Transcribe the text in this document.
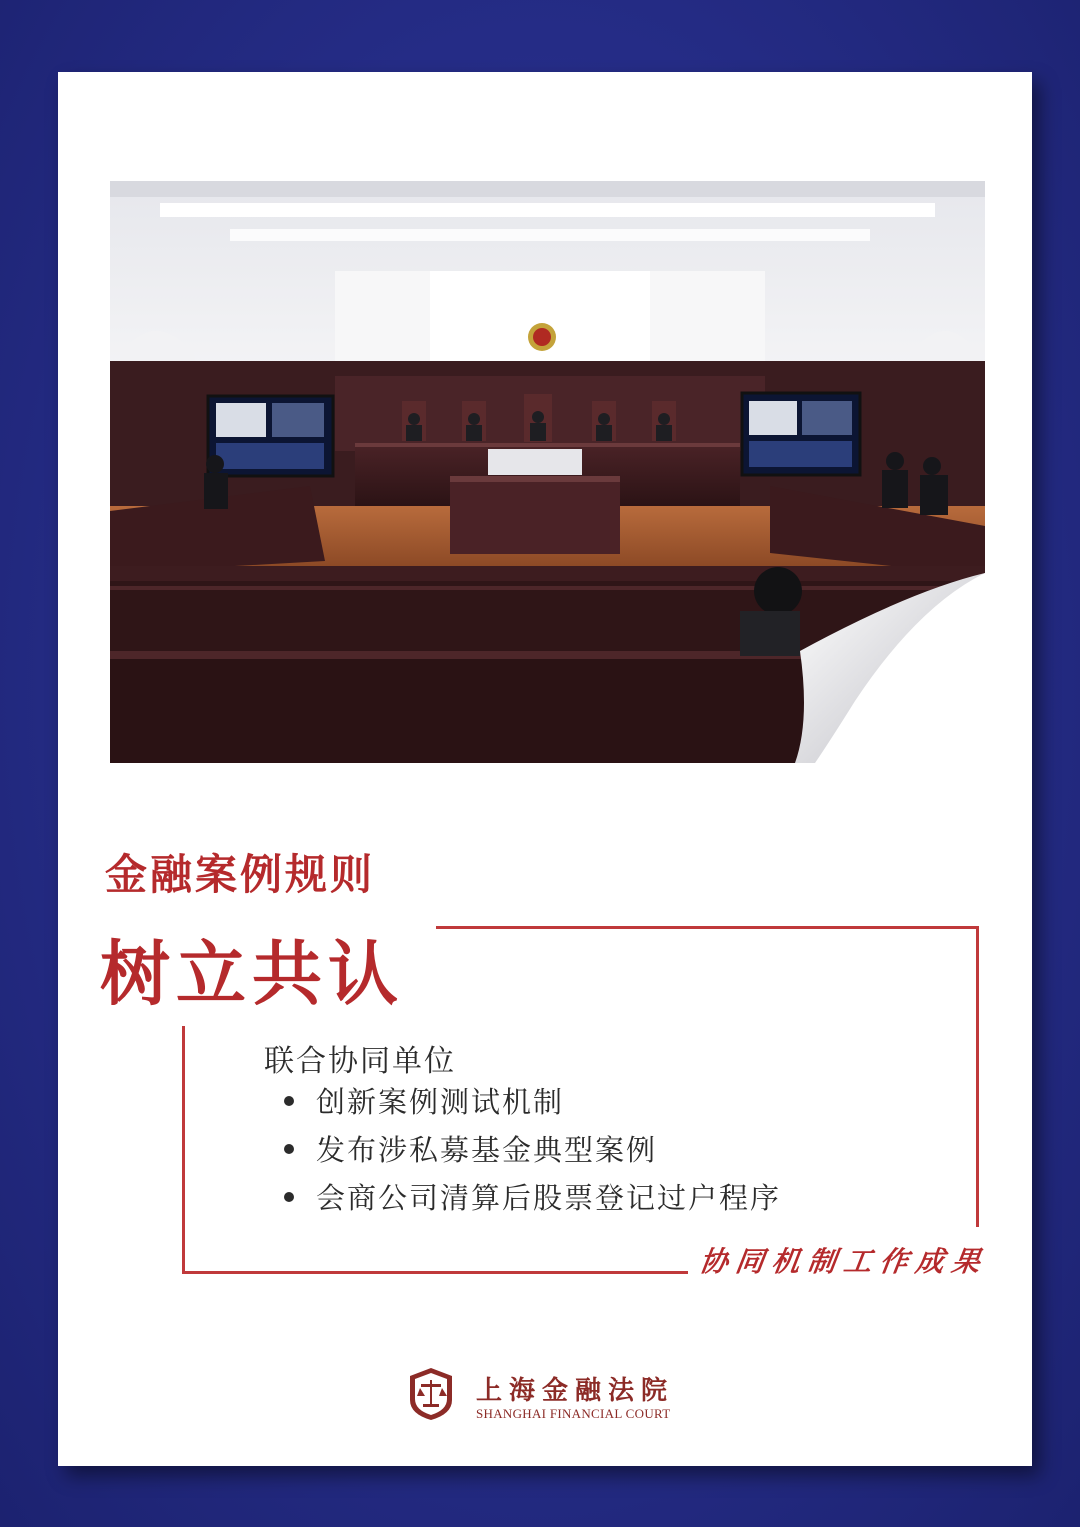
金融案例规则
树立共认
联合协同单位
创新案例测试机制
发布涉私募基金典型案例
会商公司清算后股票登记过户程序
协同机制工作成果
上海金融法院
SHANGHAI FINANCIAL COURT
